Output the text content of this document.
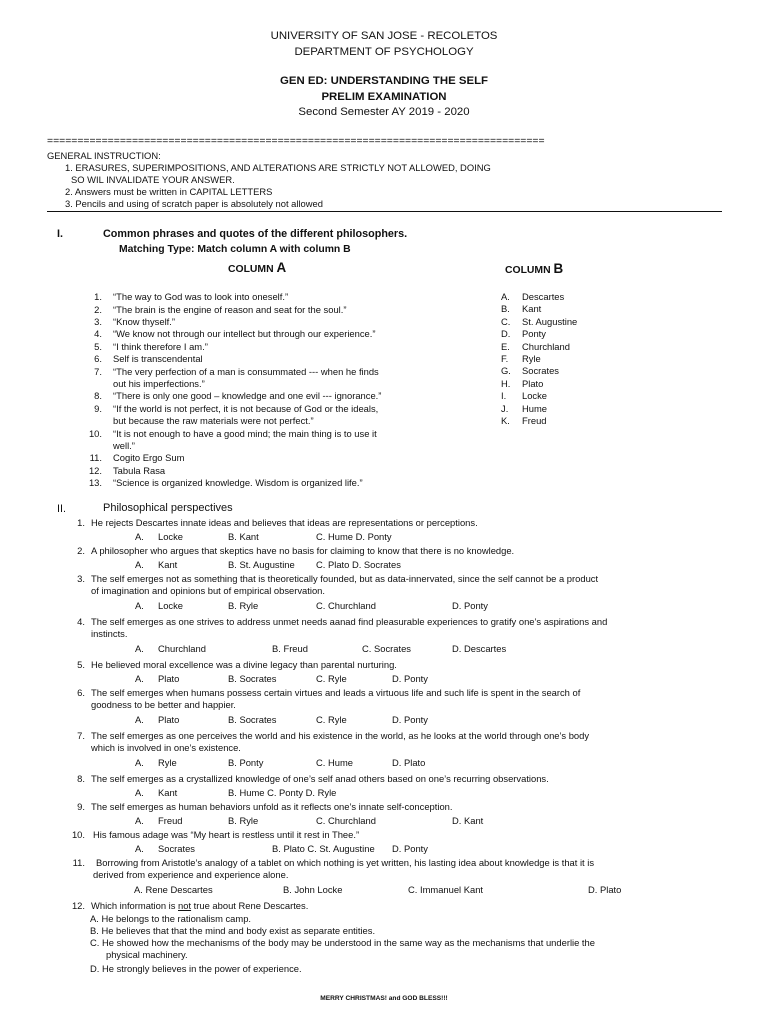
UNIVERSITY OF SAN JOSE - RECOLETOS
DEPARTMENT OF PSYCHOLOGY
GEN ED: UNDERSTANDING THE SELF
PRELIM EXAMINATION
Second Semester AY 2019 - 2020
==================================================================================
GENERAL INSTRUCTION:
1. ERASURES, SUPERIMPOSITIONS, AND ALTERATIONS ARE STRICTLY NOT ALLOWED, DOING
SO WIL INVALIDATE YOUR ANSWER.
2. Answers must be written in CAPITAL LETTERS
3. Pencils and using of scratch paper is absolutely not allowed
I.	Common phrases and quotes of the different philosophers.
Matching Type: Match column A with column B
COLUMN A	COLUMN B
1. “The way to God was to look into oneself.”
2. “The brain is the engine of reason and seat for the soul.”
3. “Know thyself.”
4. “We know not through our intellect but through our experience.”
5. “I think therefore I am.”
6. Self is transcendental
7. “The very perfection of a man is consummated --- when he finds
out his imperfections.”
8. “There is only one good – knowledge and one evil --- ignorance.”
9. “If the world is not perfect, it is not because of God or the ideals,
but because the raw materials were not perfect.”
10. “It is not enough to have a good mind; the main thing is to use it
well.”
11. Cogito Ergo Sum
12. Tabula Rasa
13. “Science is organized knowledge. Wisdom is organized life.”
A. Descartes
B. Kant
C. St. Augustine
D. Ponty
E. Churchland
F. Ryle
G. Socrates
H. Plato
I. Locke
J. Hume
K. Freud
II.	Philosophical perspectives
1. He rejects Descartes innate ideas and believes that ideas are representations or perceptions.
A. Locke	B. Kant	C. Hume D. Ponty
2. A philosopher who argues that skeptics have no basis for claiming to know that there is no knowledge.
A. Kant	B. St. Augustine C. Plato D. Socrates
3. The self emerges not as something that is theoretically founded, but as data-innervated, since the self cannot be a product
of imagination and opinions but of empirical observation.
A. Locke	B. Ryle	C. Churchland	D. Ponty
4. The self emerges as one strives to address unmet needs aanad find pleasurable experiences to gratify one’s aspirations and
instincts.
A. Churchland	B. Freud	C. Socrates	D. Descartes
5. He believed moral excellence was a divine legacy than parental nurturing.
A. Plato	B. Socrates	C. Ryle	D. Ponty
6. The self emerges when humans possess certain virtues and leads a virtuous life and such life is spent in the search of
goodness to be better and happier.
A. Plato	B. Socrates	C. Ryle	D. Ponty
7. The self emerges as one perceives the world and his existence in the world, as he looks at the world through one’s body
which is involved in one’s existence.
A. Ryle	B. Ponty	C. Hume	D. Plato
8. The self emerges as a crystallized knowledge of one’s self anad others based on one’s recurring observations.
A. Kant	B. Hume C. Ponty D. Ryle
9. The self emerges as human behaviors unfold as it reflects one’s innate self-conception.
A. Freud	B. Ryle	C. Churchland	D. Kant
10. His famous adage was “My heart is restless until it rest in Thee.”
A. Socrates	B. Plato C. St. Augustine D. Ponty
11. Borrowing from Aristotle’s analogy of a tablet on which nothing is yet written, his lasting idea about knowledge is that it is
derived from experience and experience alone.
A. Rene Descartes	B. John Locke	C. Immanuel Kant	D. Plato
12. Which information is not true about Rene Descartes.
A. He belongs to the rationalism camp.
B. He believes that that the mind and body exist as separate entities.
C. He showed how the mechanisms of the body may be understood in the same way as the mechanisms that underlie the
physical machinery.
D. He strongly believes in the power of experience.
MERRY CHRISTMAS! and GOD BLESS!!!
